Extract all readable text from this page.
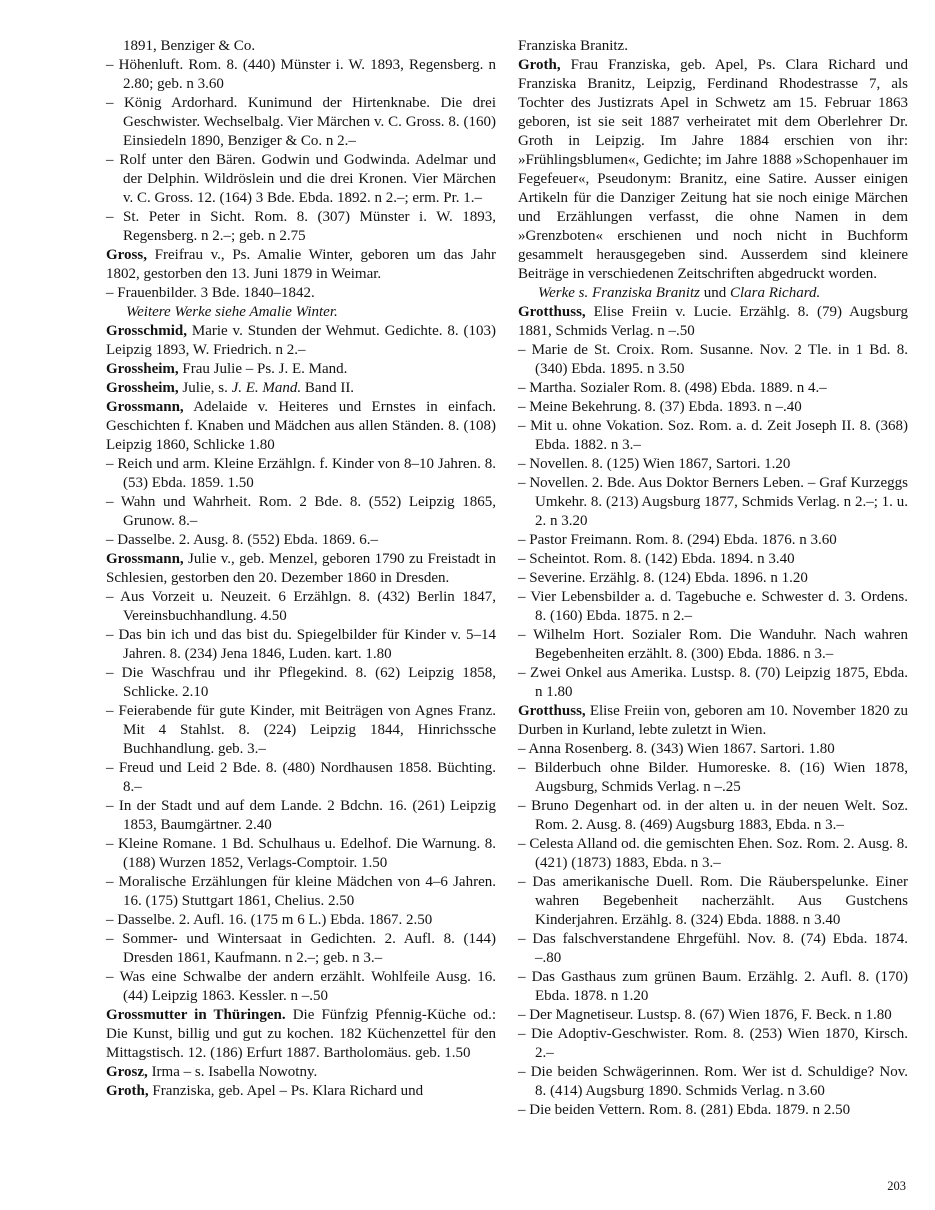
1891, Benziger & Co.

– Höhenluft. Rom. 8. (440) Münster i. W. 1893, Regensberg. n 2.80; geb. n 3.60

– König Ardorhard. Kunimund der Hirtenknabe. Die drei Geschwister. Wechselbalg. Vier Märchen v. C. Gross. 8. (160) Einsiedeln 1890, Benziger & Co. n 2.–

– Rolf unter den Bären. Godwin und Godwinda. Adelmar und der Delphin. Wildröslein und die drei Kronen. Vier Märchen v. C. Gross. 12. (164) 3 Bde. Ebda. 1892. n 2.–; erm. Pr. 1.–

– St. Peter in Sicht. Rom. 8. (307) Münster i. W. 1893, Regensberg. n 2.–; geb. n 2.75

Gross, Freifrau v., Ps. Amalie Winter, geboren um das Jahr 1802, gestorben den 13. Juni 1879 in Weimar.

– Frauenbilder. 3 Bde. 1840–1842.

Weitere Werke siehe Amalie Winter.

Grosschmid, Marie v. Stunden der Wehmut. Gedichte. 8. (103) Leipzig 1893, W. Friedrich. n 2.–

Grossheim, Frau Julie – Ps. J. E. Mand.

Grossheim, Julie, s. J. E. Mand. Band II.

Grossmann, Adelaide v. Heiteres und Ernstes in einfach. Geschichten f. Knaben und Mädchen aus allen Ständen. 8. (108) Leipzig 1860, Schlicke 1.80

– Reich und arm. Kleine Erzählgn. f. Kinder von 8–10 Jahren. 8. (53) Ebda. 1859. 1.50

– Wahn und Wahrheit. Rom. 2 Bde. 8. (552) Leipzig 1865, Grunow. 8.–

– Dasselbe. 2. Ausg. 8. (552) Ebda. 1869. 6.–

Grossmann, Julie v., geb. Menzel, geboren 1790 zu Freistadt in Schlesien, gestorben den 20. Dezember 1860 in Dresden.

– Aus Vorzeit u. Neuzeit. 6 Erzählgn. 8. (432) Berlin 1847, Vereinsbuchhandlung. 4.50

– Das bin ich und das bist du. Spiegelbilder für Kinder v. 5–14 Jahren. 8. (234) Jena 1846, Luden. kart. 1.80

– Die Waschfrau und ihr Pflegekind. 8. (62) Leipzig 1858, Schlicke. 2.10

– Feierabende für gute Kinder, mit Beiträgen von Agnes Franz. Mit 4 Stahlst. 8. (224) Leipzig 1844, Hinrichssche Buchhandlung. geb. 3.–

– Freud und Leid 2 Bde. 8. (480) Nordhausen 1858. Büchting. 8.–

– In der Stadt und auf dem Lande. 2 Bdchn. 16. (261) Leipzig 1853, Baumgärtner. 2.40

– Kleine Romane. 1 Bd. Schulhaus u. Edelhof. Die Warnung. 8. (188) Wurzen 1852, Verlags-Comptoir. 1.50

– Moralische Erzählungen für kleine Mädchen von 4–6 Jahren. 16. (175) Stuttgart 1861, Chelius. 2.50

– Dasselbe. 2. Aufl. 16. (175 m 6 L.) Ebda. 1867. 2.50

– Sommer- und Wintersaat in Gedichten. 2. Aufl. 8. (144) Dresden 1861, Kaufmann. n 2.–; geb. n 3.–

– Was eine Schwalbe der andern erzählt. Wohlfeile Ausg. 16. (44) Leipzig 1863. Kessler. n –.50

Grossmutter in Thüringen. Die Fünfzig Pfennig-Küche od.: Die Kunst, billig und gut zu kochen. 182 Küchenzettel für den Mittagstisch. 12. (186) Erfurt 1887. Bartholomäus. geb. 1.50

Grosz, Irma – s. Isabella Nowotny.

Groth, Franziska, geb. Apel – Ps. Klara Richard und

Franziska Branitz.

Groth, Frau Franziska, geb. Apel, Ps. Clara Richard und Franziska Branitz, Leipzig, Ferdinand Rhodestrasse 7, als Tochter des Justizrats Apel in Schwetz am 15. Februar 1863 geboren, ist sie seit 1887 verheiratet mit dem Oberlehrer Dr. Groth in Leipzig. Im Jahre 1884 erschien von ihr: »Frühlingsblumen«, Gedichte; im Jahre 1888 »Schopenhauer im Fegefeuer«, Pseudonym: Branitz, eine Satire. Ausser einigen Artikeln für die Danziger Zeitung hat sie noch einige Märchen und Erzählungen verfasst, die ohne Namen in dem »Grenzboten« erschienen und noch nicht in Buchform gesammelt herausgegeben sind. Ausserdem sind kleinere Beiträge in verschiedenen Zeitschriften abgedruckt worden.

Werke s. Franziska Branitz und Clara Richard.

Grotthuss, Elise Freiin v. Lucie. Erzählg. 8. (79) Augsburg 1881, Schmids Verlag. n –.50

– Marie de St. Croix. Rom. Susanne. Nov. 2 Tle. in 1 Bd. 8. (340) Ebda. 1895. n 3.50

– Martha. Sozialer Rom. 8. (498) Ebda. 1889. n 4.–

– Meine Bekehrung. 8. (37) Ebda. 1893. n –.40

– Mit u. ohne Vokation. Soz. Rom. a. d. Zeit Joseph II. 8. (368) Ebda. 1882. n 3.–

– Novellen. 8. (125) Wien 1867, Sartori. 1.20

– Novellen. 2. Bde. Aus Doktor Berners Leben. – Graf Kurzeggs Umkehr. 8. (213) Augsburg 1877, Schmids Verlag. n 2.–; 1. u. 2. n 3.20

– Pastor Freimann. Rom. 8. (294) Ebda. 1876. n 3.60

– Scheintot. Rom. 8. (142) Ebda. 1894. n 3.40

– Severine. Erzählg. 8. (124) Ebda. 1896. n 1.20

– Vier Lebensbilder a. d. Tagebuche e. Schwester d. 3. Ordens. 8. (160) Ebda. 1875. n 2.–

– Wilhelm Hort. Sozialer Rom. Die Wanduhr. Nach wahren Begebenheiten erzählt. 8. (300) Ebda. 1886. n 3.–

– Zwei Onkel aus Amerika. Lustsp. 8. (70) Leipzig 1875, Ebda. n 1.80

Grotthuss, Elise Freiin von, geboren am 10. November 1820 zu Durben in Kurland, lebte zuletzt in Wien.

– Anna Rosenberg. 8. (343) Wien 1867. Sartori. 1.80

– Bilderbuch ohne Bilder. Humoreske. 8. (16) Wien 1878, Augsburg, Schmids Verlag. n –.25

– Bruno Degenhart od. in der alten u. in der neuen Welt. Soz. Rom. 2. Ausg. 8. (469) Augsburg 1883, Ebda. n 3.–

– Celesta Alland od. die gemischten Ehen. Soz. Rom. 2. Ausg. 8. (421) (1873) 1883, Ebda. n 3.–

– Das amerikanische Duell. Rom. Die Räuberspelunke. Einer wahren Begebenheit nacherzählt. Aus Gustchens Kinderjahren. Erzählg. 8. (324) Ebda. 1888. n 3.40

– Das falschverstandene Ehrgefühl. Nov. 8. (74) Ebda. 1874. –.80

– Das Gasthaus zum grünen Baum. Erzählg. 2. Aufl. 8. (170) Ebda. 1878. n 1.20

– Der Magnetiseur. Lustsp. 8. (67) Wien 1876, F. Beck. n 1.80

– Die Adoptiv-Geschwister. Rom. 8. (253) Wien 1870, Kirsch. 2.–

– Die beiden Schwägerinnen. Rom. Wer ist d. Schuldige? Nov. 8. (414) Augsburg 1890. Schmids Verlag. n 3.60

– Die beiden Vettern. Rom. 8. (281) Ebda. 1879. n 2.50

203
